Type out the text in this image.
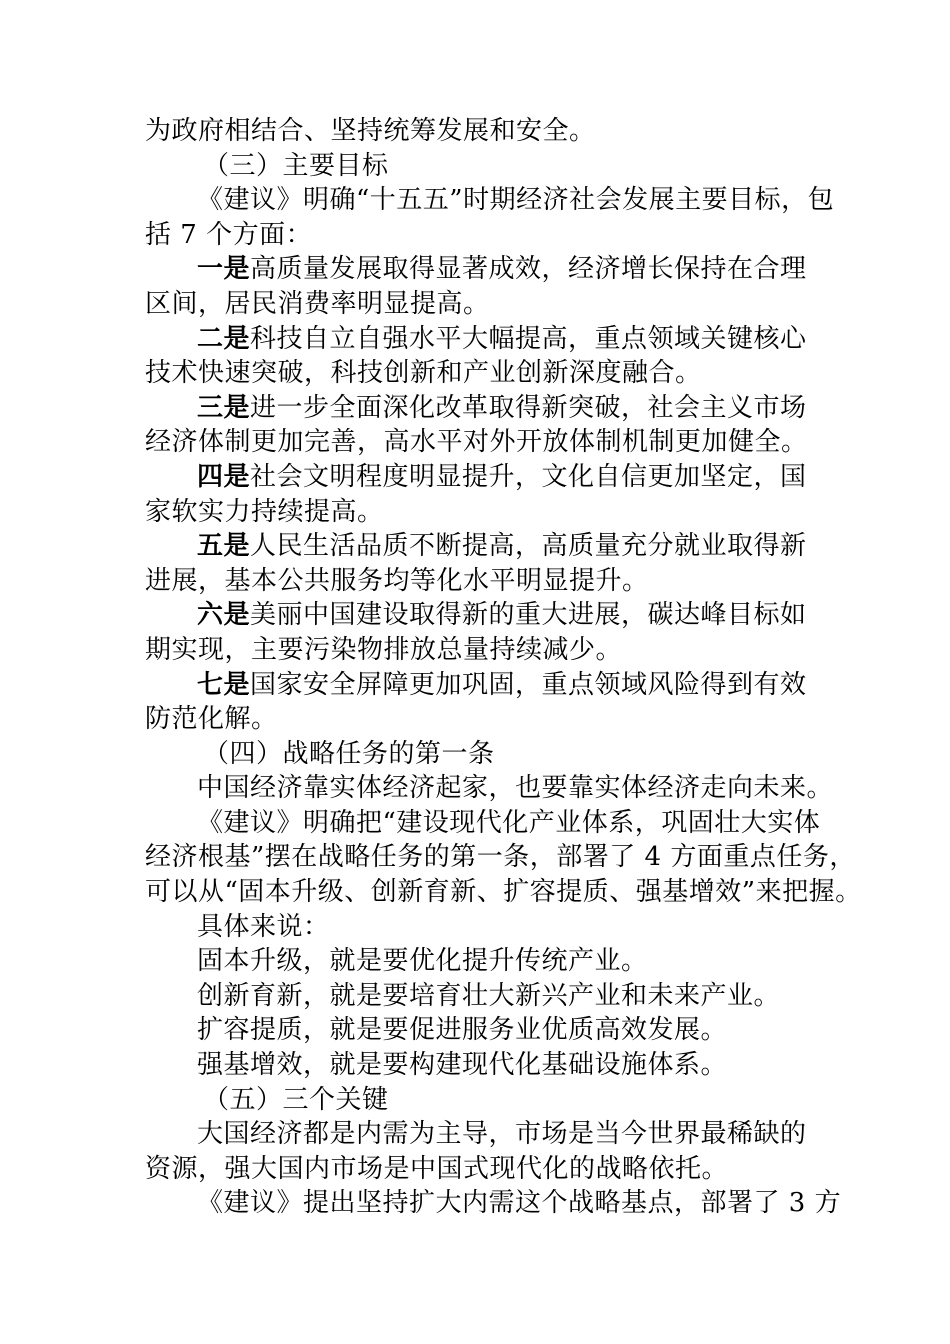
为政府相结合、坚持统筹发展和安全。
（三）主要目标
《建议》明确“十五五”时期经济社会发展主要目标，包
括 7 个方面：
一是高质量发展取得显著成效，经济增长保持在合理
区间，居民消费率明显提高。
二是科技自立自强水平大幅提高，重点领域关键核心
技术快速突破，科技创新和产业创新深度融合。
三是进一步全面深化改革取得新突破，社会主义市场
经济体制更加完善，高水平对外开放体制机制更加健全。
四是社会文明程度明显提升，文化自信更加坚定，国
家软实力持续提高。
五是人民生活品质不断提高，高质量充分就业取得新
进展，基本公共服务均等化水平明显提升。
六是美丽中国建设取得新的重大进展，碳达峰目标如
期实现，主要污染物排放总量持续减少。
七是国家安全屏障更加巩固，重点领域风险得到有效
防范化解。
（四）战略任务的第一条
中国经济靠实体经济起家，也要靠实体经济走向未来。
《建议》明确把“建设现代化产业体系，巩固壮大实体
经济根基”摆在战略任务的第一条，部署了 4 方面重点任务，
可以从“固本升级、创新育新、扩容提质、强基增效”来把握。
具体来说：
固本升级，就是要优化提升传统产业。
创新育新，就是要培育壮大新兴产业和未来产业。
扩容提质，就是要促进服务业优质高效发展。
强基增效，就是要构建现代化基础设施体系。
（五）三个关键
大国经济都是内需为主导，市场是当今世界最稀缺的
资源，强大国内市场是中国式现代化的战略依托。
《建议》提出坚持扩大内需这个战略基点，部署了 3 方
